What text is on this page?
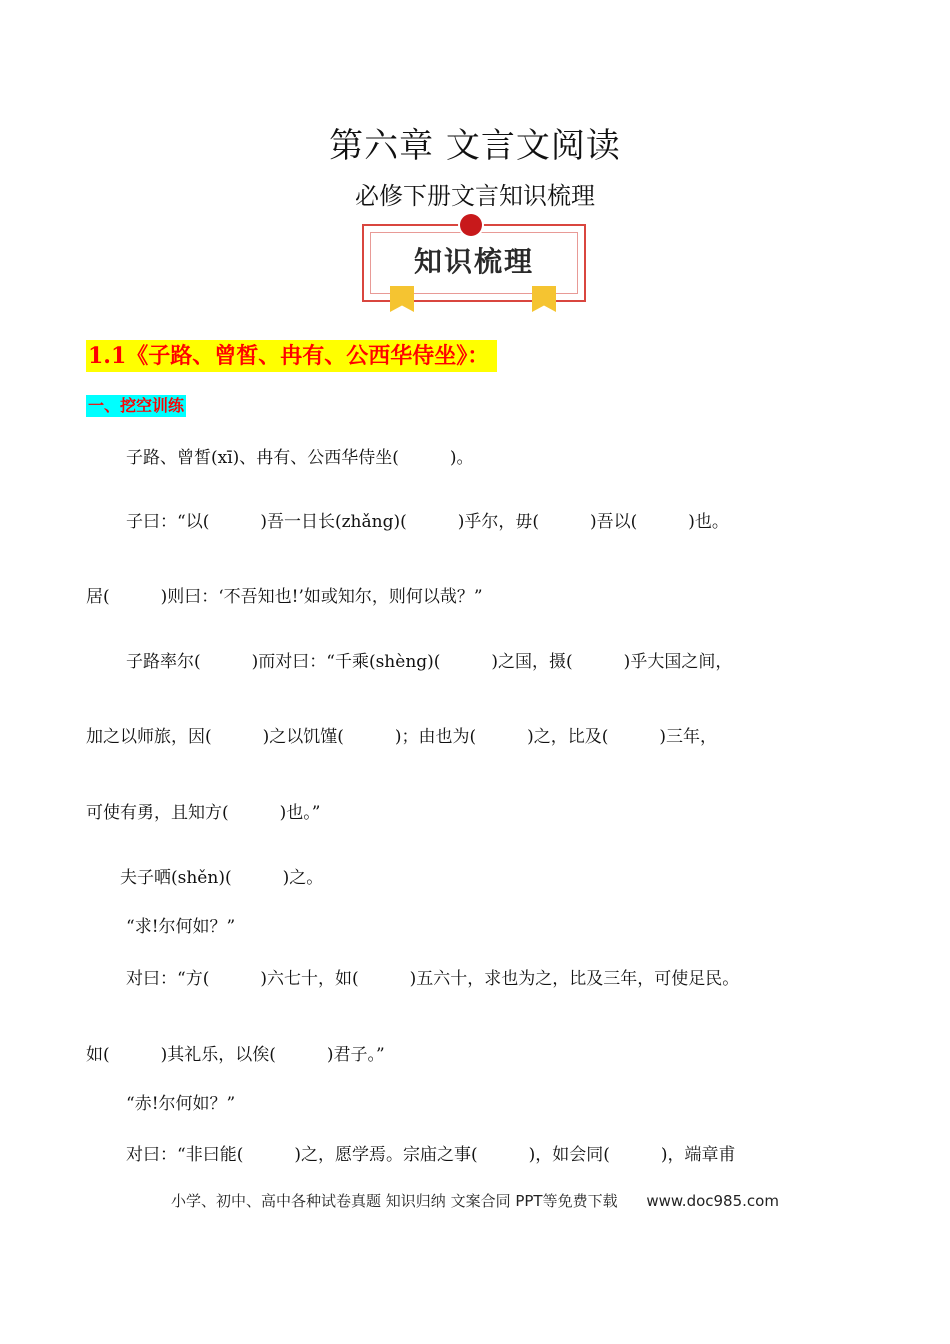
第六章 文言文阅读
必修下册文言知识梳理
知识梳理
1.1《子路、曾皙、冉有、公西华侍坐》：
一、挖空训练
子路、曾皙(xī)、冉有、公西华侍坐(　　　)。
子曰：“以(　　　)吾一日长(zhǎng)(　　　)乎尔，毋(　　　)吾以(　　　)也。
居(　　　)则曰：‘不吾知也!’如或知尔，则何以哉？”
子路率尔(　　　)而对曰：“千乘(shèng)(　　　)之国，摄(　　　)乎大国之间，
加之以师旅，因(　　　)之以饥馑(　　　)；由也为(　　　)之，比及(　　　)三年，
可使有勇，且知方(　　　)也。”
夫子哂(shěn)(　　　)之。
“求!尔何如？”
对曰：“方(　　　)六七十，如(　　　)五六十，求也为之，比及三年，可使足民。
如(　　　)其礼乐，以俟(　　　)君子。”
“赤!尔何如？”
对曰：“非曰能(　　　)之，愿学焉。宗庙之事(　　　)，如会同(　　　)，端章甫
小学、初中、高中各种试卷真题 知识归纳 文案合同 PPT等免费下载 www.doc985.com
